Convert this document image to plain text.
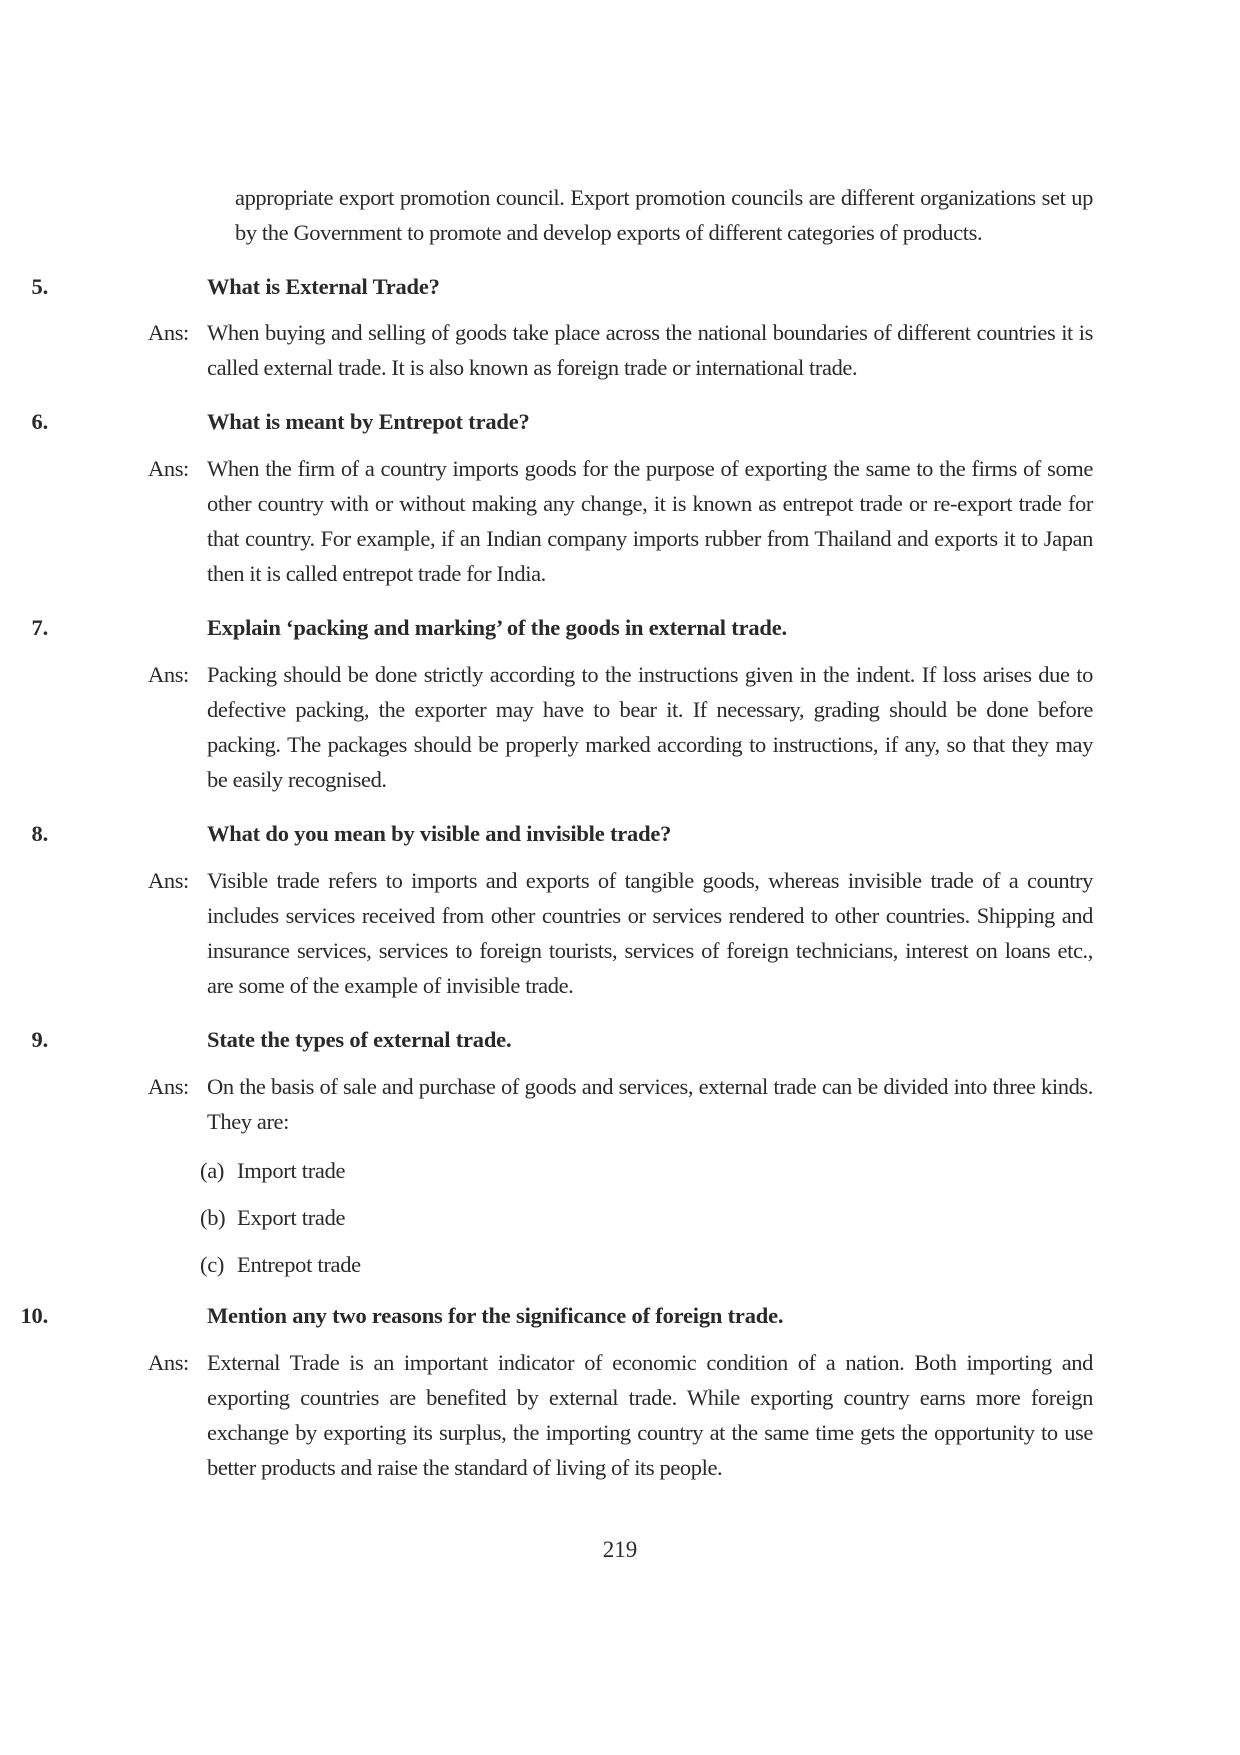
appropriate export promotion council. Export promotion councils are different organizations set up by the Government to promote and develop exports of different categories of products.
5.	What is External Trade?
Ans: When buying and selling of goods take place across the national boundaries of different countries it is called external trade. It is also known as foreign trade or international trade.
6.	What is meant by Entrepot trade?
Ans: When the firm of a country imports goods for the purpose of exporting the same to the firms of some other country with or without making any change, it is known as entrepot trade or re-export trade for that country. For example, if an Indian company imports rubber from Thailand and exports it to Japan then it is called entrepot trade for India.
7.	Explain ‘packing and marking’ of the goods in external trade.
Ans: Packing should be done strictly according to the instructions given in the indent. If loss arises due to defective packing, the exporter may have to bear it. If necessary, grading should be done before packing. The packages should be properly marked according to instructions, if any, so that they may be easily recognised.
8.	What do you mean by visible and invisible trade?
Ans: Visible trade refers to imports and exports of tangible goods, whereas invisible trade of a country includes services received from other countries or services rendered to other countries. Shipping and insurance services, services to foreign tourists, services of foreign technicians, interest on loans etc., are some of the example of invisible trade.
9.	State the types of external trade.
Ans: On the basis of sale and purchase of goods and services, external trade can be divided into three kinds. They are:
(a) Import trade
(b) Export trade
(c) Entrepot trade
10.	Mention any two reasons for the significance of foreign trade.
Ans: External Trade is an important indicator of economic condition of a nation. Both importing and exporting countries are benefited by external trade. While exporting country earns more foreign exchange by exporting its surplus, the importing country at the same time gets the opportunity to use better products and raise the standard of living of its people.
219
